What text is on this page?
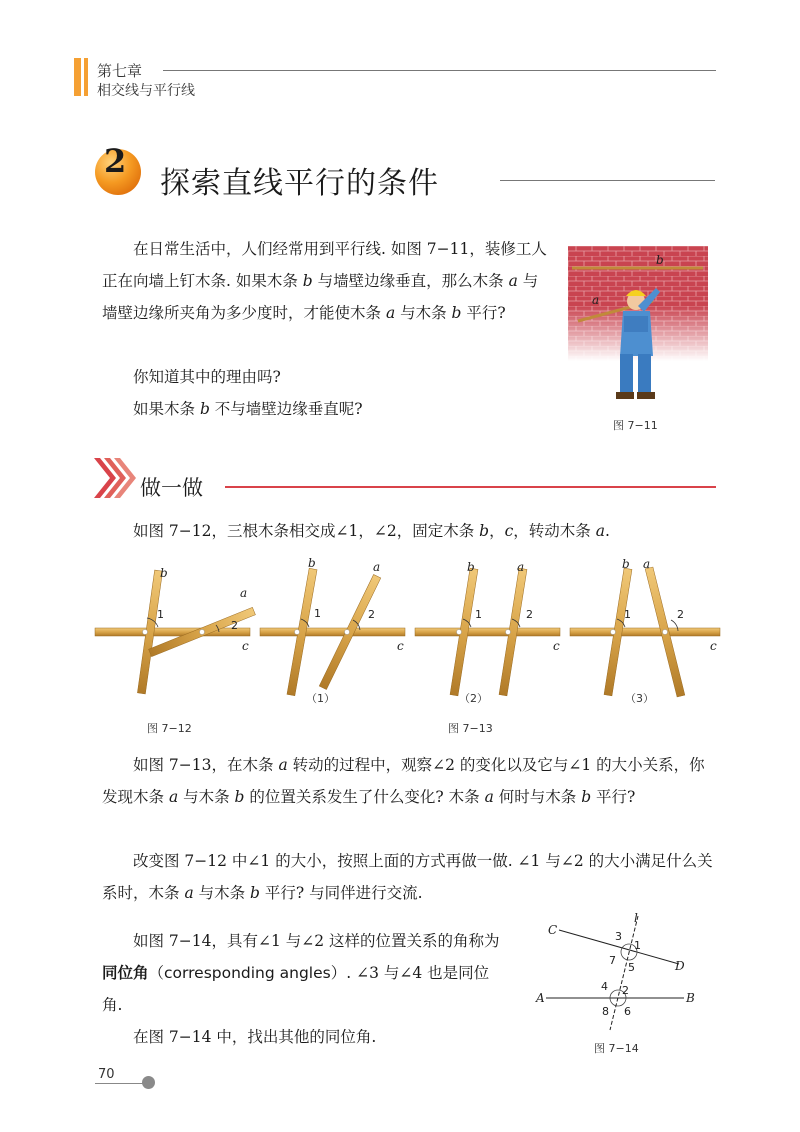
第七章
相交线与平行线
2
探索直线平行的条件
在日常生活中，人们经常用到平行线. 如图 7−11，装修工人正在向墙上钉木条. 如果木条 b 与墙壁边缘垂直，那么木条 a 与墙壁边缘所夹角为多少度时，才能使木条 a 与木条 b 平行?
你知道其中的理由吗?
如果木条 b 不与墙壁边缘垂直呢?
b
a
图 7−11
做一做
如图 7−12，三根木条相交成∠1，∠2，固定木条 b，c，转动木条 a.
b
a
c
1
2
b	a
c
1	2
b	a
c
1	2
b a
c
1	2
（1）	（2）	（3）
图 7−12	图 7−13
如图 7−13，在木条 a 转动的过程中，观察∠2 的变化以及它与∠1 的大小关系，你发现木条 a 与木条 b 的位置关系发生了什么变化? 木条 a 何时与木条 b 平行?
改变图 7−12 中∠1 的大小，按照上面的方式再做一做. ∠1 与∠2 的大小满足什么关系时，木条 a 与木条 b 平行? 与同伴进行交流.
如图 7−14，具有∠1 与∠2 这样的位置关系的角称为同位角（corresponding angles）. ∠3 与∠4 也是同位角.
在图 7−14 中，找出其他的同位角.
C
D
A	B
l
1
2
3
4
5
6
7
8
图 7−14
70
